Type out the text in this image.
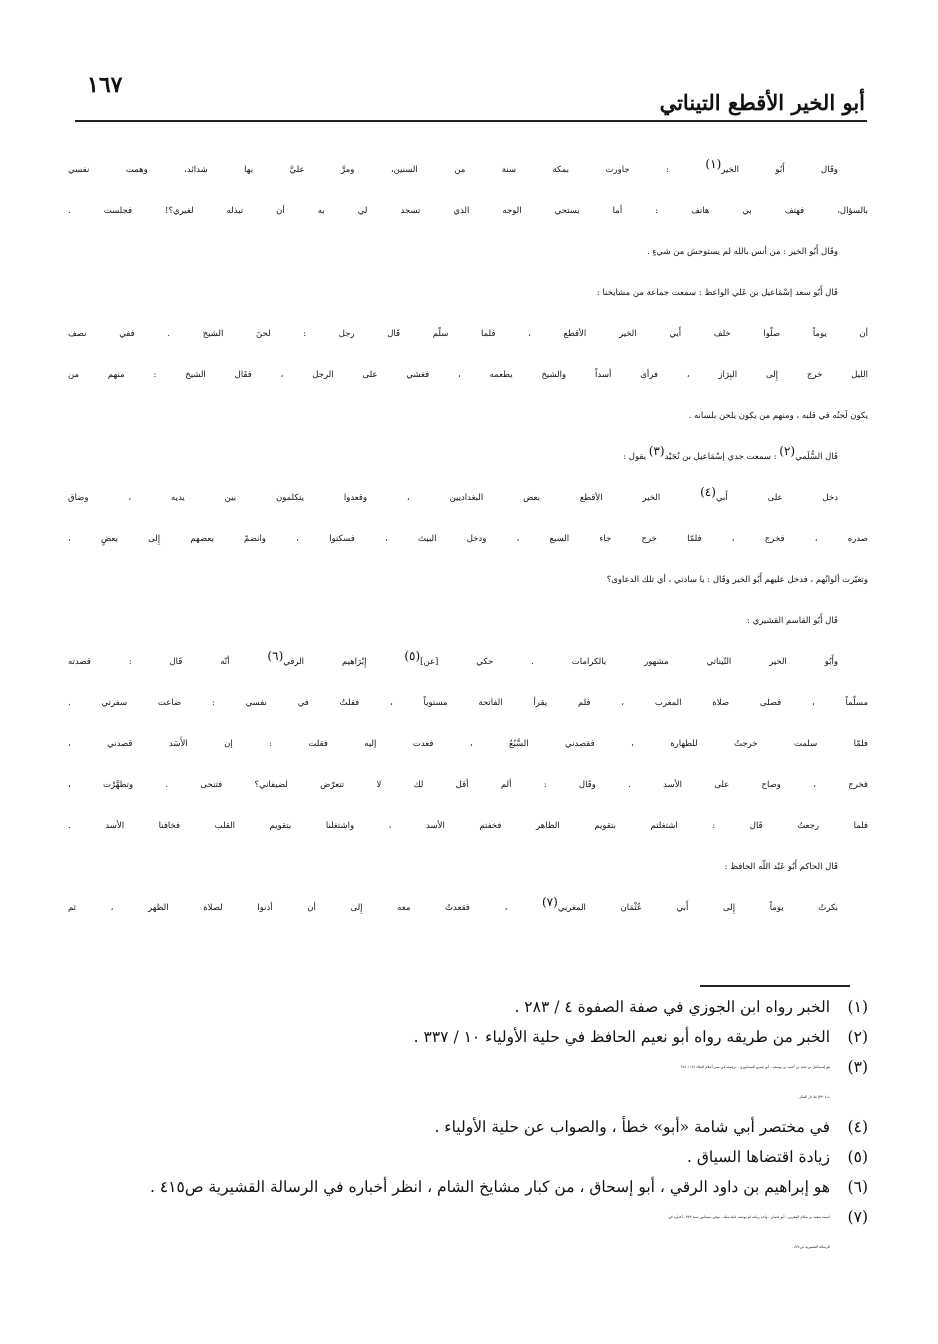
أبو الخير الأقطع التيناتي
١٦٧
وقَال أَبُو الخير$^{(١)}$ : جاورت بمكة سنة من السنين، ومرَّ عليَّ بها شدائد، وهمت نفسي
بالسؤال، فهتف بي هاتف : أما يستحي الوجه الذي تسجد لي به أن تبذله لغيري؟! فجلست .
وقَال أَبُو الخير : من أنس بالله لم يستوحش من شيءٍ .
قَال أَبُو سعد إسْمَاعيل بن عَلي الواعظ : سمعت جماعة من مشايخنا :
أن يوماً صلّوا خلف أَبي الخير الأقطع ، فلما سلّم قَال رجل : لحنَ الشيخ . ففي نصف
الليل خرج إِلى البِرَاز ، فرأى أسداً والشيخ يطعمه ، فغشي على الرجل ، فقَال الشيخ : منهم من
يكون لَحنُه في قلبه ، ومنهم من يكون يلحن بلسانه .
قَال السُّلَمي$^{(٢)}$ : سمعت جدي إسْمَاعيل بن نُجَيْد$^{(٣)}$ يقول :
دخل على أَبي$^{(٤)}$ الخير الأقطع بعض البغداديين ، وقعدوا يتكلمون بين يديه ، وضاق
صدره ، فخرج ، فلمّا خرج جاء السبع ، ودخل البيتَ ، فسكتوا ، وانضمّ بعضهم إِلى بعضٍ ،
وتغيّرت ألوانُهم ، فدخل عليهم أَبُو الخير وقَال : يا سادتي ، أي تلك الدعاوى؟
قَال أَبُو القاسم القشيري :
وأَبُو الخير التّيناتي مشهور بالكرامات . حكي [عن]$^{(٥)}$ إِبْرَاهيم الرقي$^{(٦)}$ أنّه قَال : قصدته
مسلّماً ، فصلى صلاة المغرب ، فلم يقرأ الفاتحة مستوياً ، فقلتُ في نفسي : ضاعت سفرتي .
فلمّا سلمت خرجتُ للطهارة ، فقصدني السَّبُعُ ، فعدت إليه فقلت : إن الأَسَد قصدني ،
فخرج ، وصاح على الأسد . وقَال : ألم أقل لك لا تتعرّض لضيفاني؟ فتنحى . وتطهَّرْت ،
فلما رجعتُ قَال : اشتغلتم بتقويم الظاهر فخفتم الأسد ، واشتغلنا بتقويم القلب فخافنا الأسد .
قَال الحاكم أَبُو عَبْد اللّه الحافظ :
بكرتُ يوماً إِلى أَبي عُثْمَان المغربي$^{(٧)}$ ، فقعدتُ معه إِلى أن أذنوا لصلاة الظهر ، ثم
(١)
الخبر رواه ابن الجوزي في صفة الصفوة ٤ / ٢٨٣ .
(٢)
الخبر من طريقه رواه أبو نعيم الحافظ في حلية الأولياء ١٠ / ٣٣٧ .
(٣)
هو إسماعيل بن نجيد بن أحمد بن يوسف ، أبو عمرو النيسابوري ، ترجمته في سير أعلام النبلاء (١٢ / ٢٨١
ت٣٣٠٢) ط دار الفكر .
(٤)
في مختصر أبي شامة «أبو» خطأ ، والصواب عن حلية الأولياء .
(٥)
زيادة اقتضاها السياق .
(٦)
هو إبراهيم بن داود الرقي ، أبو إسحاق ، من كبار مشايخ الشام ، انظر أخباره في الرسالة القشيرية ص٤١٥ .
(٧)
اسمه سعيد بن سلام المغربي ، أبو عثمان ، واحد زمانه لم يوصف قبله مثله ، توفي بنيسابور سنة ٣٧٣ ، أخباره في
الرسالة القشيرية ص٤٣٤ .
